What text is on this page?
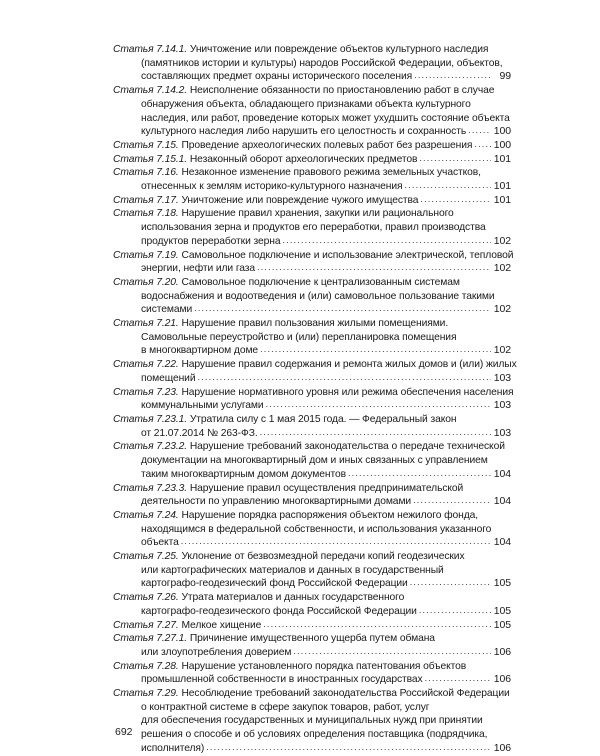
Статья 7.14.1. Уничтожение или повреждение объектов культурного наследия
(памятников истории и культуры) народов Российской Федерации, объектов,
составляющих предмет охраны исторического поселения .....	99
Статья 7.14.2. Неисполнение обязанности по приостановлению работ в случае
обнаружения объекта, обладающего признаками объекта культурного
наследия, или работ, проведение которых может ухудшить состояние объекта
культурного наследия либо нарушить его целостность и сохранность .....	100
Статья 7.15. Проведение археологических полевых работ без разрешения ..... 100
Статья 7.15.1. Незаконный оборот археологических предметов .....	101
Статья 7.16. Незаконное изменение правового режима земельных участков,
отнесенных к землям историко-культурного назначения .....	101
Статья 7.17. Уничтожение или повреждение чужого имущества .....	101
Статья 7.18. Нарушение правил хранения, закупки или рационального
использования зерна и продуктов его переработки, правил производства
продуктов переработки зерна .....	102
Статья 7.19. Самовольное подключение и использование электрической, тепловой
энергии, нефти или газа .....	102
Статья 7.20. Самовольное подключение к централизованным системам
водоснабжения и водоотведения и (или) самовольное пользование такими
системами .....	102
Статья 7.21. Нарушение правил пользования жилыми помещениями.
Самовольные переустройство и (или) перепланировка помещения
в многоквартирном доме .....	102
Статья 7.22. Нарушение правил содержания и ремонта жилых домов и (или) жилых
помещений .....	103
Статья 7.23. Нарушение нормативного уровня или режима обеспечения населения
коммунальными услугами .....	103
Статья 7.23.1. Утратила силу с 1 мая 2015 года. — Федеральный закон
от 21.07.2014 № 263-ФЗ. .....	103
Статья 7.23.2. Нарушение требований законодательства о передаче технической
документации на многоквартирный дом и иных связанных с управлением
таким многоквартирным домом документов .....	104
Статья 7.23.3. Нарушение правил осуществления предпринимательской
деятельности по управлению многоквартирными домами .....	104
Статья 7.24. Нарушение порядка распоряжения объектом нежилого фонда,
находящимся в федеральной собственности, и использования указанного
объекта .....	104
Статья 7.25. Уклонение от безвозмездной передачи копий геодезических
или картографических материалов и данных в государственный
картографо-геодезический фонд Российской Федерации .....	105
Статья 7.26. Утрата материалов и данных государственного
картографо-геодезического фонда Российской Федерации .....	105
Статья 7.27. Мелкое хищение .....	105
Статья 7.27.1. Причинение имущественного ущерба путем обмана
или злоупотребления доверием .....	106
Статья 7.28. Нарушение установленного порядка патентования объектов
промышленной собственности в иностранных государствах .....	106
Статья 7.29. Несоблюдение требований законодательства Российской Федерации
о контрактной системе в сфере закупок товаров, работ, услуг
для обеспечения государственных и муниципальных нужд при принятии
решения о способе и об условиях определения поставщика (подрядчика,
исполнителя) .....	106
692
